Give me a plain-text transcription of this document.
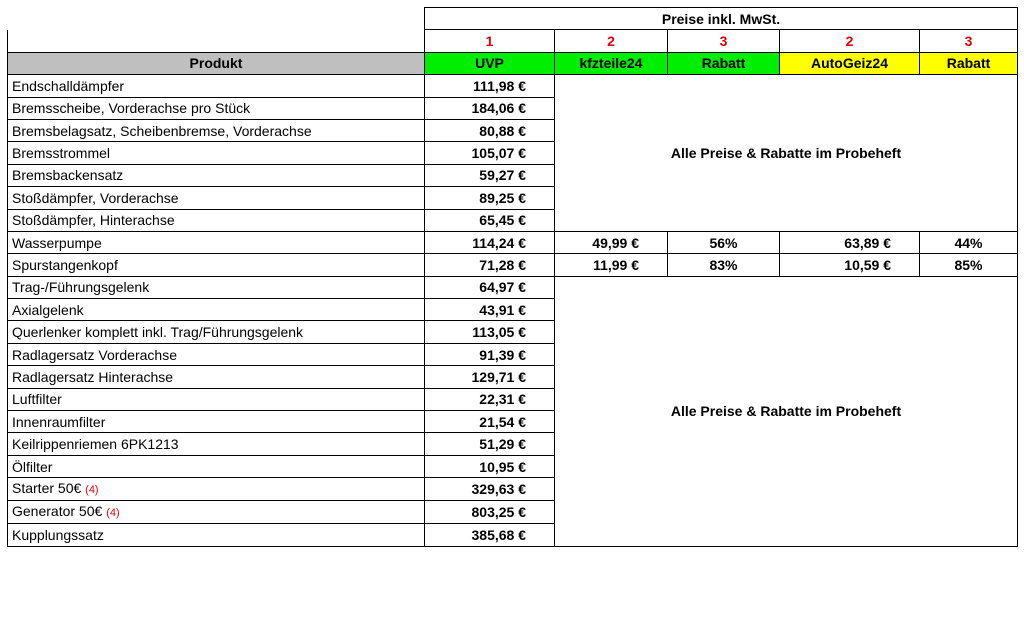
	Preise inkl. MwSt.				
	1	2	3	2	3
Produkt	UVP	kfzteile24	Rabatt	AutoGeiz24	Rabatt
Endschalldämpfer	111,98 €	Alle Preise & Rabatte im Probeheft			
Bremsscheibe, Vorderachse pro Stück	184,06 €				
Bremsbelagsatz, Scheibenbremse, Vorderachse	80,88 €				
Bremsstrommel	105,07 €				
Bremsbackensatz	59,27 €				
Stoßdämpfer, Vorderachse	89,25 €				
Stoßdämpfer, Hinterachse	65,45 €				
Wasserpumpe	114,24 €	49,99 €	56%	63,89 €	44%
Spurstangenkopf	71,28 €	11,99 €	83%	10,59 €	85%
Trag-/Führungsgelenk	64,97 €	Alle Preise & Rabatte im Probeheft			
Axialgelenk	43,91 €				
Querlenker komplett inkl. Trag/Führungsgelenk	113,05 €				
Radlagersatz Vorderachse	91,39 €				
Radlagersatz Hinterachse	129,71 €				
Luftfilter	22,31 €				
Innenraumfilter	21,54 €				
Keilrippenriemen 6PK1213	51,29 €				
Ölfilter	10,95 €				
Starter 50€ (4)	329,63 €				
Generator 50€ (4)	803,25 €				
Kupplungssatz	385,68 €				
